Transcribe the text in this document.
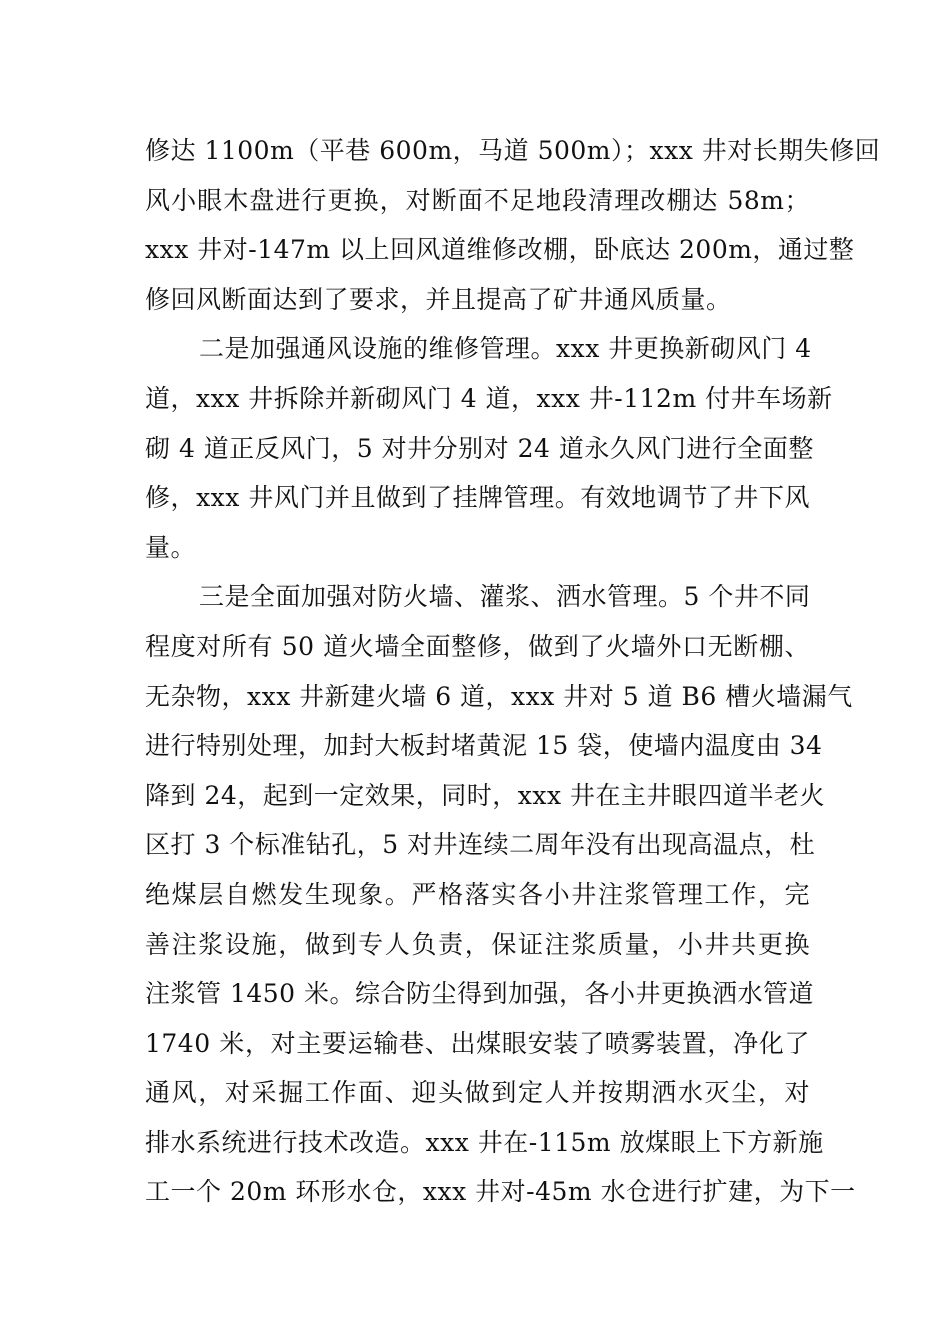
修达 1100m（平巷 600m，马道 500m）；xxx 井对长期失修回
风小眼木盘进行更换，对断面不足地段清理改棚达 58m；
xxx 井对-147m 以上回风道维修改棚，卧底达 200m，通过整
修回风断面达到了要求，并且提高了矿井通风质量。
二是加强通风设施的维修管理。xxx 井更换新砌风门 4
道，xxx 井拆除并新砌风门 4 道，xxx 井-112m 付井车场新
砌 4 道正反风门，5 对井分别对 24 道永久风门进行全面整
修，xxx 井风门并且做到了挂牌管理。有效地调节了井下风
量。
三是全面加强对防火墙、灌浆、洒水管理。5 个井不同
程度对所有 50 道火墙全面整修，做到了火墙外口无断棚、
无杂物，xxx 井新建火墙 6 道，xxx 井对 5 道 B6 槽火墙漏气
进行特别处理，加封大板封堵黄泥 15 袋，使墙内温度由 34
降到 24，起到一定效果，同时，xxx 井在主井眼四道半老火
区打 3 个标准钻孔，5 对井连续二周年没有出现高温点，杜
绝煤层自燃发生现象。严格落实各小井注浆管理工作，完
善注浆设施，做到专人负责，保证注浆质量，小井共更换
注浆管 1450 米。综合防尘得到加强，各小井更换洒水管道
1740 米，对主要运输巷、出煤眼安装了喷雾装置，净化了
通风，对采掘工作面、迎头做到定人并按期洒水灭尘，对
排水系统进行技术改造。xxx 井在-115m 放煤眼上下方新施
工一个 20m 环形水仓，xxx 井对-45m 水仓进行扩建，为下一
